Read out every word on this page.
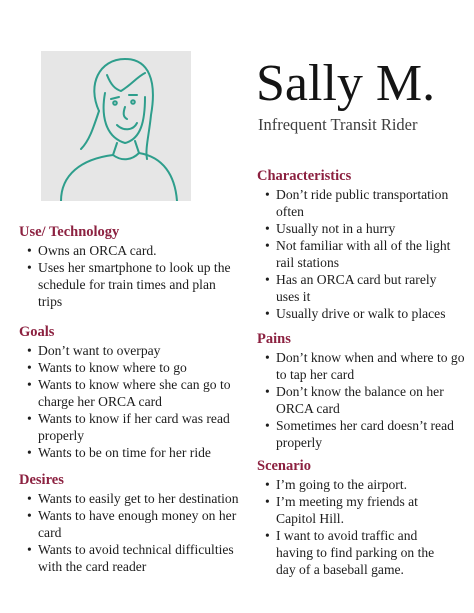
Sally M.
Infrequent Transit Rider
Use/ Technology
• Owns an ORCA card.
• Uses her smartphone to look up the schedule for train times and plan trips
Goals
• Don’t want to overpay
• Wants to know where to go
• Wants to know where she can go to charge her ORCA card
• Wants to know if her card was read properly
• Wants to be on time for her ride
Desires
• Wants to easily get to her destination
• Wants to have enough money on her card
• Wants to avoid technical difficulties with the card reader
Characteristics
• Don’t ride public transportation often
• Usually not in a hurry
• Not familiar with all of the light rail stations
• Has an ORCA card but rarely uses it
• Usually drive or walk to places
Pains
• Don’t know when and where to go to tap her card
• Don’t know the balance on her ORCA card
• Sometimes her card doesn’t read properly
Scenario
• I’m going to the airport.
• I’m meeting my friends at Capitol Hill.
• I want to avoid traffic and having to find parking on the day of a baseball game.
